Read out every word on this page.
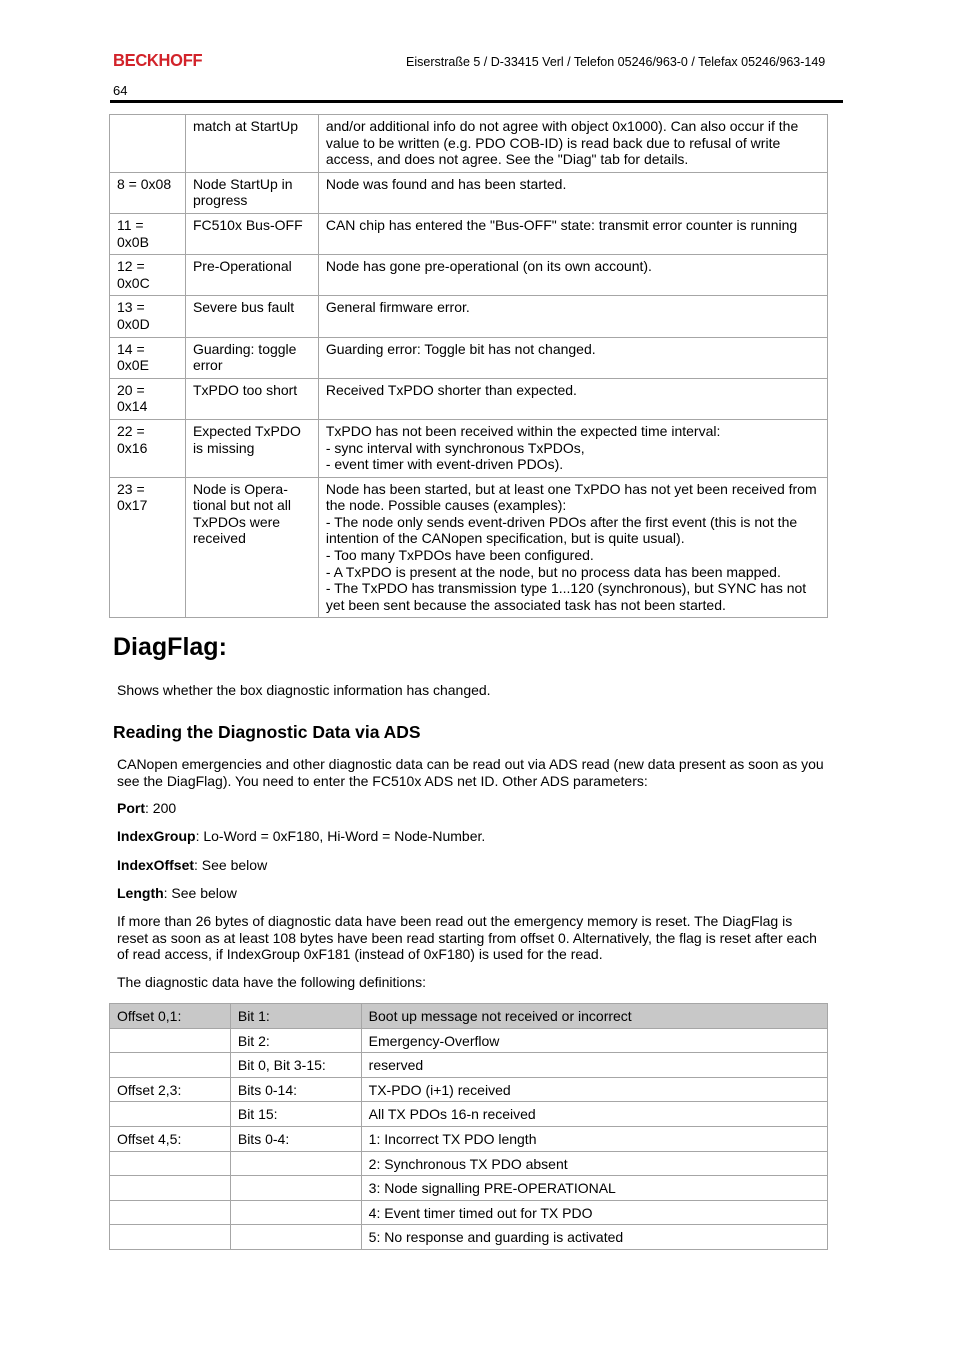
BECKHOFF	Eiserstraße 5 / D-33415 Verl / Telefon 05246/963-0 / Telefax 05246/963-149
64

	match at StartUp	and/or additional info do not agree with object 0x1000). Can also occur if the value to be written (e.g. PDO COB-ID) is read back due to refusal of write access, and does not agree. See the "Diag" tab for details.

8 = 0x08	Node StartUp in progress	Node was found and has been started.

11 = 0x0B	FC510x Bus-OFF	CAN chip has entered the "Bus-OFF" state: transmit error counter is running

12 = 0x0C	Pre-Operational	Node has gone pre-operational (on its own account).

13 = 0x0D	Severe bus fault	General firmware error.

14 = 0x0E	Guarding: toggle error	Guarding error: Toggle bit has not changed.

20 = 0x14	TxPDO too short	Received TxPDO shorter than expected.

22 = 0x16	Expected TxPDO is missing	TxPDO has not been received within the expected time interval:
- sync interval with synchronous TxPDOs,
- event timer with event-driven PDOs).

23 = 0x17	Node is Opera-
tional but not all TxPDOs were received	Node has been started, but at least one TxPDO has not yet been received from the node. Possible causes (examples):
- The node only sends event-driven PDOs after the first event (this is not the intention of the CANopen specification, but is quite usual).
- Too many TxPDOs have been configured.
- A TxPDO is present at the node, but no process data has been mapped.
- The TxPDO has transmission type 1...120 (synchronous), but SYNC has not yet been sent because the associated task has not been started.
DiagFlag:

Shows whether the box diagnostic information has changed.

Reading the Diagnostic Data via ADS

CANopen emergencies and other diagnostic data can be read out via ADS read (new data present as soon as you see the DiagFlag). You need to enter the FC510x ADS net ID. Other ADS parameters:

Port: 200

IndexGroup: Lo-Word = 0xF180, Hi-Word = Node-Number.

IndexOffset: See below

Length: See below

If more than 26 bytes of diagnostic data have been read out the emergency memory is reset. The DiagFlag is reset as soon as at least 108 bytes have been read starting from offset 0. Alternatively, the flag is reset after each of read access, if IndexGroup 0xF181 (instead of 0xF180) is used for the read.

The diagnostic data have the following definitions:

Offset 0,1:	Bit 1:	Boot up message not received or incorrect

	Bit 2:	Emergency-Overflow

	Bit 0, Bit 3-15:	reserved

Offset 2,3:	Bits 0-14:	TX-PDO (i+1) received

	Bit 15:	All TX PDOs 16-n received

Offset 4,5:	Bits 0-4:	1: Incorrect TX PDO length

		2: Synchronous TX PDO absent

		3: Node signalling PRE-OPERATIONAL

		4: Event timer timed out for TX PDO

		5: No response and guarding is activated
